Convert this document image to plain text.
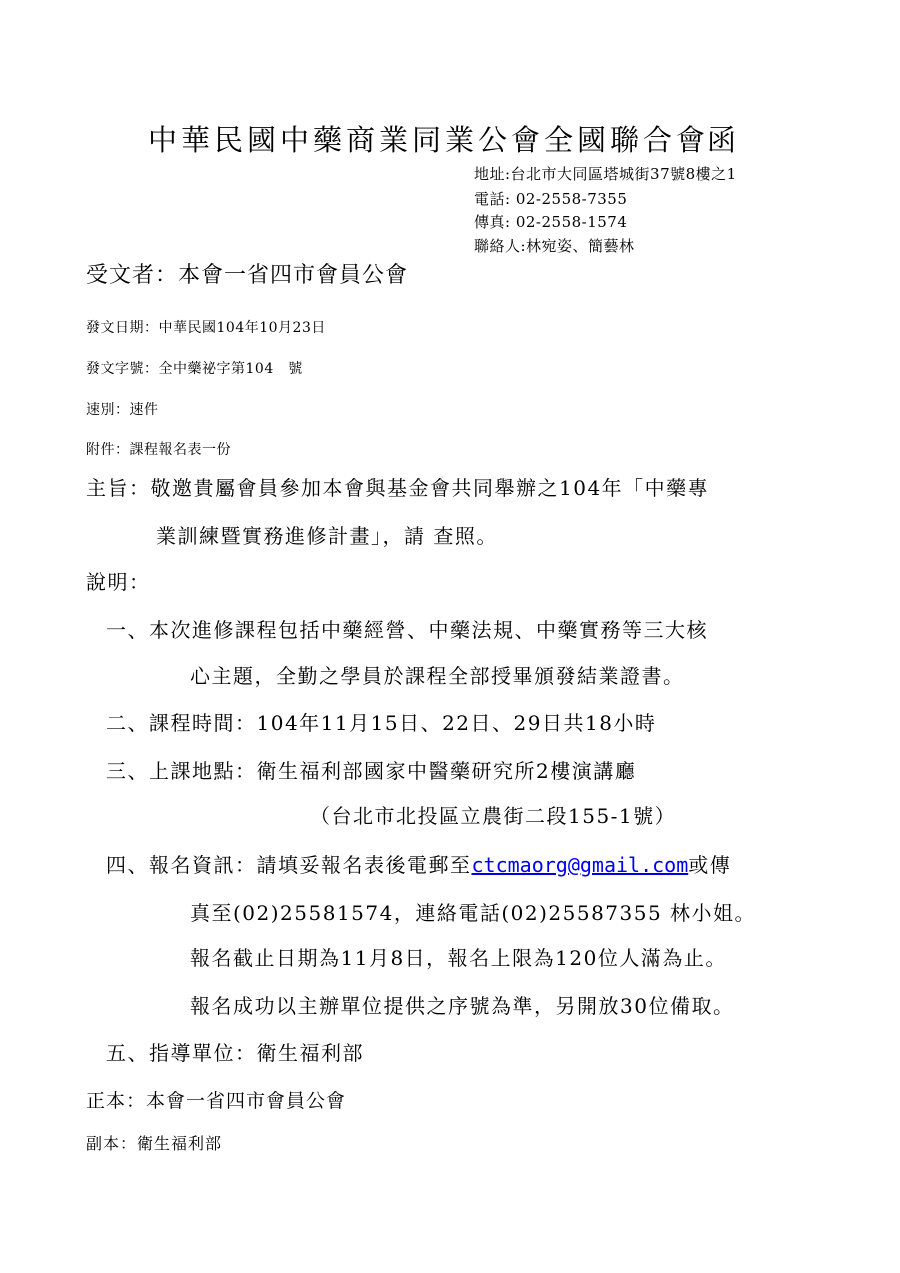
中華民國中藥商業同業公會全國聯合會
函
地址:台北市大同區塔城街37號8樓之1
電話: 02-2558-7355
傳真: 02-2558-1574
聯絡人:林宛姿、簡藝林
受文者：本會一省四市會員公會
發文日期：中華民國104年10月23日
發文字號：全中藥祕字第104　號
速別：速件
附件：課程報名表一份
主旨：敬邀貴屬會員參加本會與基金會共同舉辦之104年「中藥專
業訓練暨實務進修計畫」，請 查照。
說明：
一、本次進修課程包括中藥經營、中藥法規、中藥實務等三大核
心主題，全勤之學員於課程全部授畢頒發結業證書。
二、課程時間：104年11月15日、22日、29日共18小時
三、上課地點：衛生福利部國家中醫藥研究所2樓演講廳
（台北市北投區立農街二段155-1號）
四、報名資訊：請填妥報名表後電郵至ctcmaorg@gmail.com或傳
真至(02)25581574，連絡電話(02)25587355 林小姐。
報名截止日期為11月8日，報名上限為120位人滿為止。
報名成功以主辦單位提供之序號為準，另開放30位備取。
五、指導單位：衛生福利部
正本：本會一省四市會員公會
副本：衛生福利部
